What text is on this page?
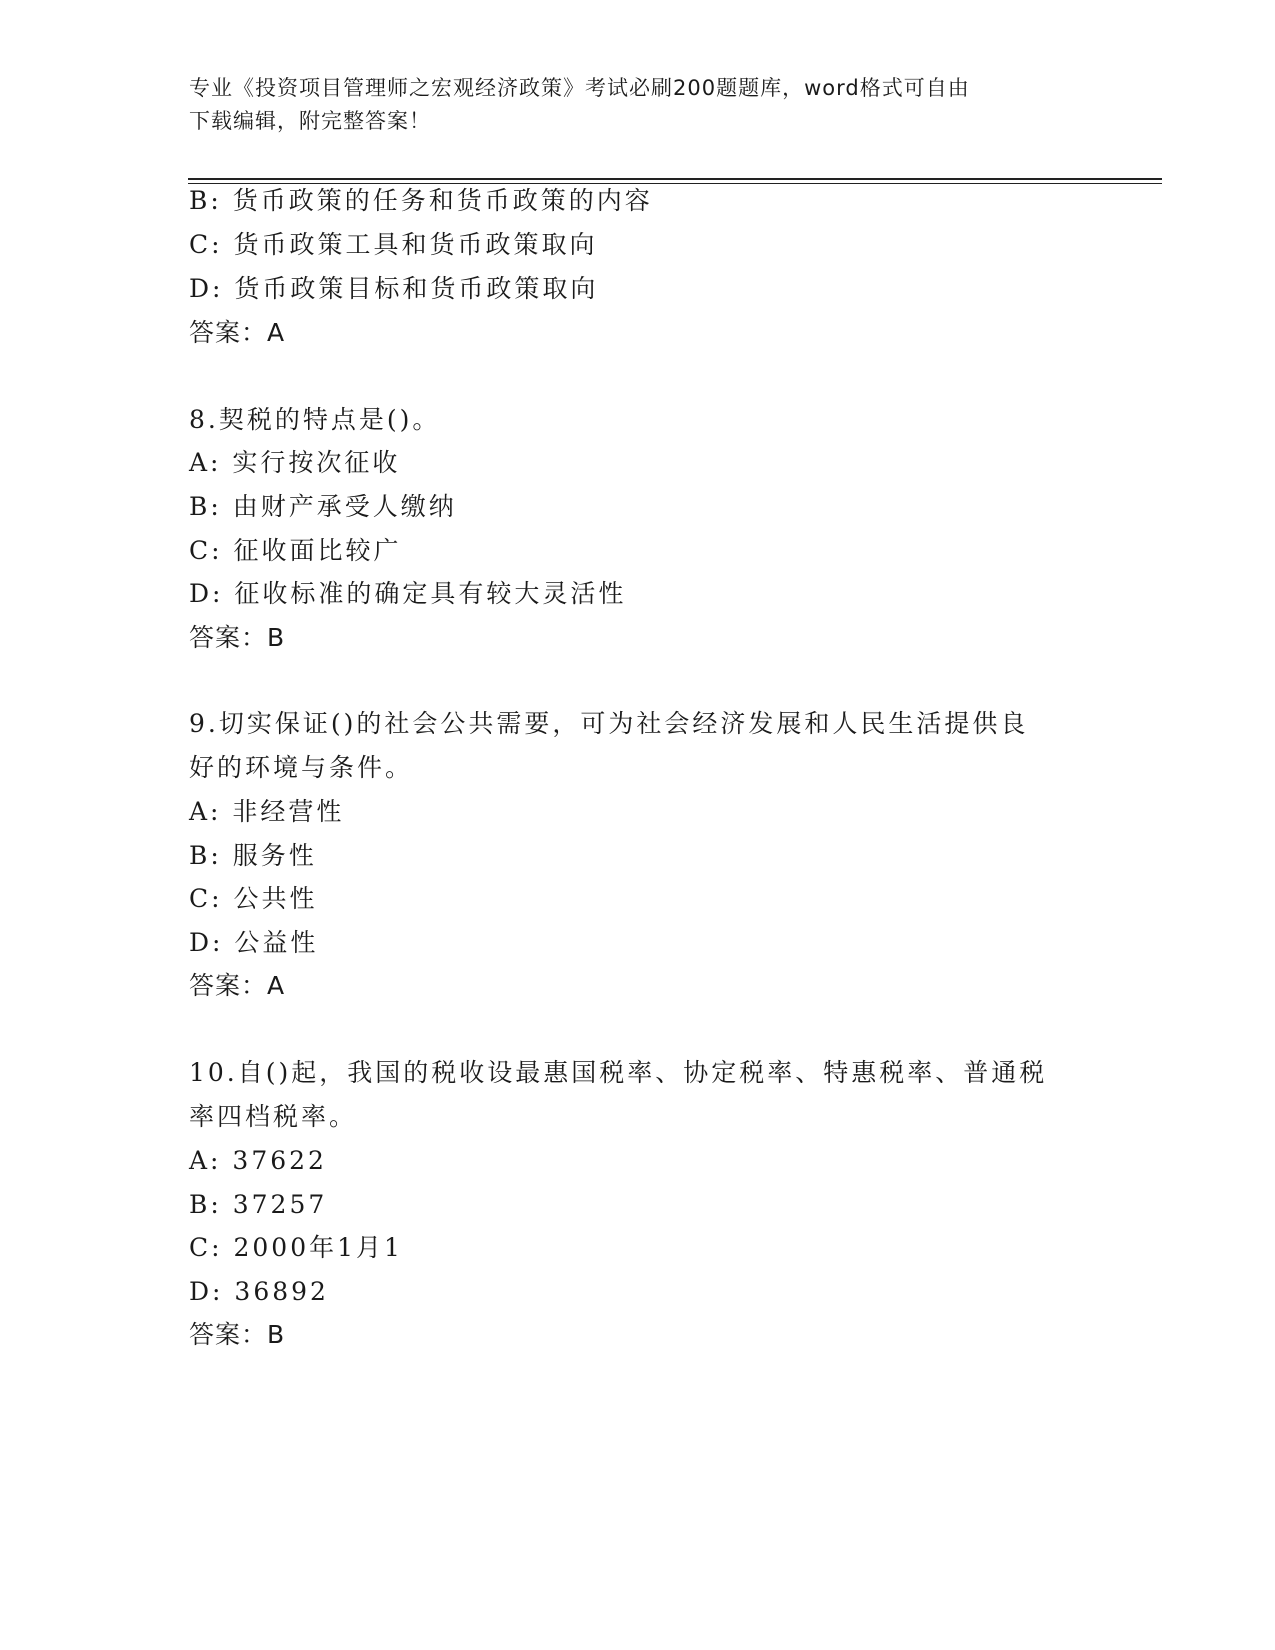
专业《投资项目管理师之宏观经济政策》考试必刷200题题库，word格式可自由
下载编辑，附完整答案！
B: 货币政策的任务和货币政策的内容
C: 货币政策工具和货币政策取向
D: 货币政策目标和货币政策取向
答案：A
8.契税的特点是()。
A: 实行按次征收
B: 由财产承受人缴纳
C: 征收面比较广
D: 征收标准的确定具有较大灵活性
答案：B
9.切实保证()的社会公共需要，可为社会经济发展和人民生活提供良
好的环境与条件。
A: 非经营性
B: 服务性
C: 公共性
D: 公益性
答案：A
10.自()起，我国的税收设最惠国税率、协定税率、特惠税率、普通税
率四档税率。
A: 37622
B: 37257
C: 2000年1月1
D: 36892
答案：B
